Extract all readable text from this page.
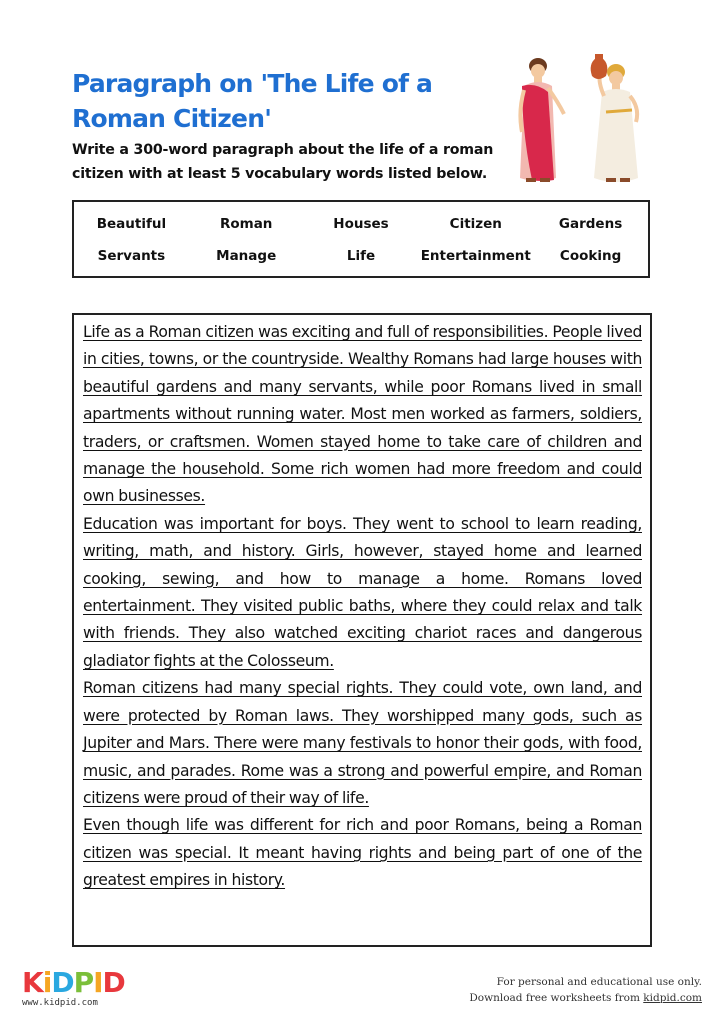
Paragraph on 'The Life of a Roman Citizen'
Write a 300-word paragraph about the life of a roman citizen with at least 5 vocabulary words listed below.
Beautiful	Roman	Houses	Citizen	Gardens
Servants	Manage	Life	Entertainment	Cooking

Life as a Roman citizen was exciting and full of responsibilities. People lived in cities, towns, or the countryside. Wealthy Romans had large houses with beautiful gardens and many servants, while poor Romans lived in small apartments without running water. Most men worked as farmers, soldiers, traders, or craftsmen. Women stayed home to take care of children and manage the household. Some rich women had more freedom and could own businesses.

Education was important for boys. They went to school to learn reading, writing, math, and history. Girls, however, stayed home and learned cooking, sewing, and how to manage a home. Romans loved entertainment. They visited public baths, where they could relax and talk with friends. They also watched exciting chariot races and dangerous gladiator fights at the Colosseum.

Roman citizens had many special rights. They could vote, own land, and were protected by Roman laws. They worshipped many gods, such as Jupiter and Mars. There were many festivals to honor their gods, with food, music, and parades. Rome was a strong and powerful empire, and Roman citizens were proud of their way of life.

Even though life was different for rich and poor Romans, being a Roman citizen was special. It meant having rights and being part of one of the greatest empires in history.

KiDPID
www.kidpid.com
For personal and educational use only.
Download free worksheets from kidpid.com
